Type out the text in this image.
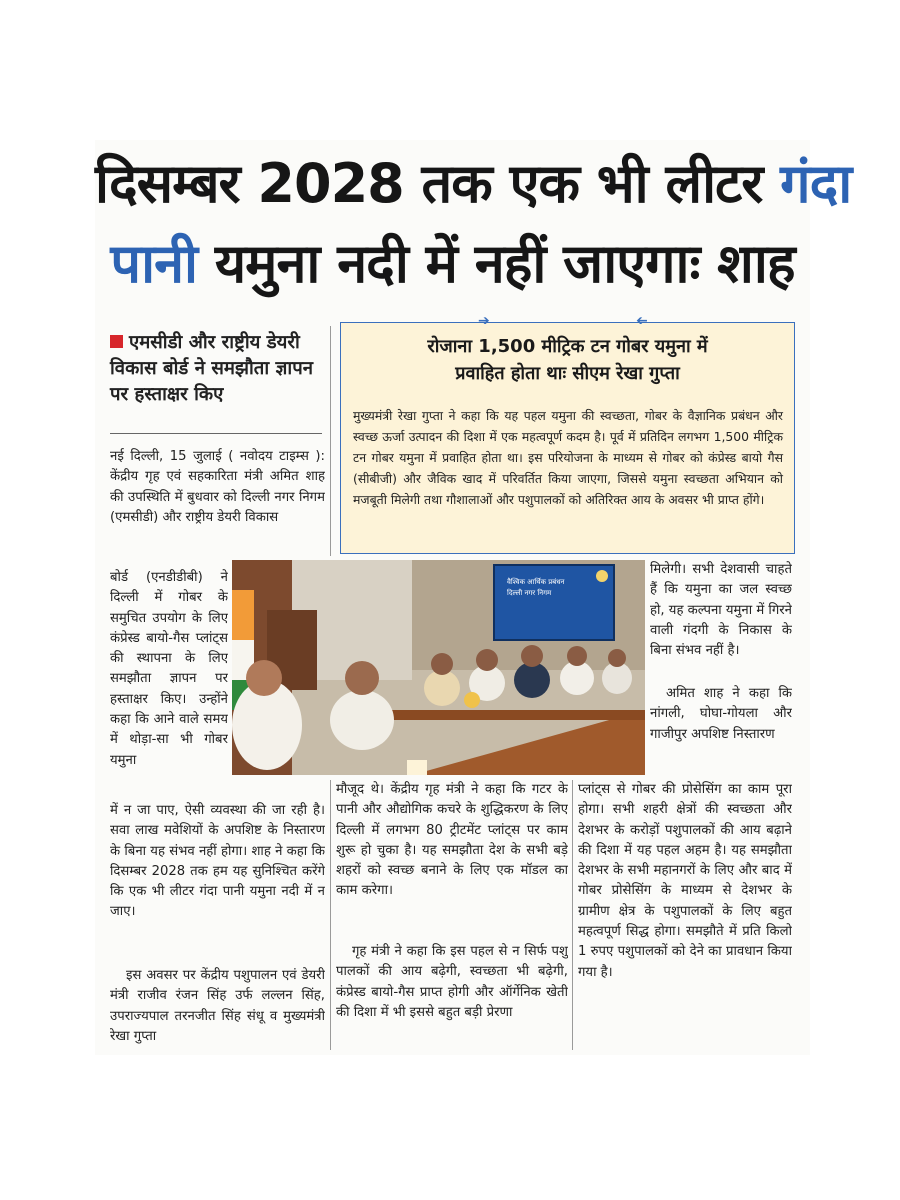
दिसम्बर 2028 तक एक भी लीटर गंदा
पानी यमुना नदी में नहीं जाएगाः शाह
एमसीडी और राष्ट्रीय डेयरी विकास बोर्ड ने समझौता ज्ञापन पर हस्ताक्षर किए
रोजाना 1,500 मीट्रिक टन गोबर यमुना में
प्रवाहित होता थाः सीएम रेखा गुप्ता
मुख्यमंत्री रेखा गुप्ता ने कहा कि यह पहल यमुना की स्वच्छता, गोबर के वैज्ञानिक प्रबंधन और स्वच्छ ऊर्जा उत्पादन की दिशा में एक महत्वपूर्ण कदम है। पूर्व में प्रतिदिन लगभग 1,500 मीट्रिक टन गोबर यमुना में प्रवाहित होता था। इस परियोजना के माध्यम से गोबर को कंप्रेस्ड बायो गैस (सीबीजी) और जैविक खाद में परिवर्तित किया जाएगा, जिससे यमुना स्वच्छता अभियान को मजबूती मिलेगी तथा गौशालाओं और पशुपालकों को अतिरिक्त आय के अवसर भी प्राप्त होंगे।
➔	➔
नई दिल्ली, 15 जुलाई ( नवोदय टाइम्स ): केंद्रीय गृह एवं सहकारिता मंत्री अमित शाह की उपस्थिति में बुधवार को दिल्ली नगर निगम (एमसीडी) और राष्ट्रीय डेयरी विकास
बोर्ड (एनडीडीबी) ने दिल्ली में गोबर के समुचित उपयोग के लिए कंप्रेस्ड बायो-गैस प्लांट्स की स्थापना के लिए समझौता ज्ञापन पर हस्ताक्षर किए। उन्होंने कहा कि आने वाले समय में थोड़ा-सा भी गोबर यमुना
में न जा पाए, ऐसी व्यवस्था की जा रही है। सवा लाख मवेशियों के अपशिष्ट के निस्तारण के बिना यह संभव नहीं होगा। शाह ने कहा कि दिसम्बर 2028 तक हम यह सुनिश्चित करेंगे कि एक भी लीटर गंदा पानी यमुना नदी में न जाए।
इस अवसर पर केंद्रीय पशुपालन एवं डेयरी मंत्री राजीव रंजन सिंह उर्फ लल्लन सिंह, उपराज्यपाल तरनजीत सिंह संधू व मुख्यमंत्री रेखा गुप्ता
मौजूद थे। केंद्रीय गृह मंत्री ने कहा कि गटर के पानी और औद्योगिक कचरे के शुद्धिकरण के लिए दिल्ली में लगभग 80 ट्रीटमेंट प्लांट्स पर काम शुरू हो चुका है। यह समझौता देश के सभी बड़े शहरों को स्वच्छ बनाने के लिए एक मॉडल का काम करेगा।
गृह मंत्री ने कहा कि इस पहल से न सिर्फ पशु पालकों की आय बढ़ेगी, स्वच्छता भी बढ़ेगी, कंप्रेस्ड बायो-गैस प्राप्त होगी और ऑर्गेनिक खेती की दिशा में भी इससे बहुत बड़ी प्रेरणा
मिलेगी। सभी देशवासी चाहते हैं कि यमुना का जल स्वच्छ हो, यह कल्पना यमुना में गिरने वाली गंदगी के निकास के बिना संभव नहीं है।
अमित शाह ने कहा कि नांगली, घोघा-गोयला और गाजीपुर अपशिष्ट निस्तारण
प्लांट्स से गोबर की प्रोसेसिंग का काम पूरा होगा। सभी शहरी क्षेत्रों की स्वच्छता और देशभर के करोड़ों पशुपालकों की आय बढ़ाने की दिशा में यह पहल अहम है। यह समझौता देशभर के सभी महानगरों के लिए और बाद में गोबर प्रोसेसिंग के माध्यम से देशभर के ग्रामीण क्षेत्र के पशुपालकों के लिए बहुत महत्वपूर्ण सिद्ध होगा। समझौते में प्रति किलो 1 रुपए पशुपालकों को देने का प्रावधान किया गया है।
वैश्विक आर्थिक प्रबंधन
दिल्ली नगर निगम
